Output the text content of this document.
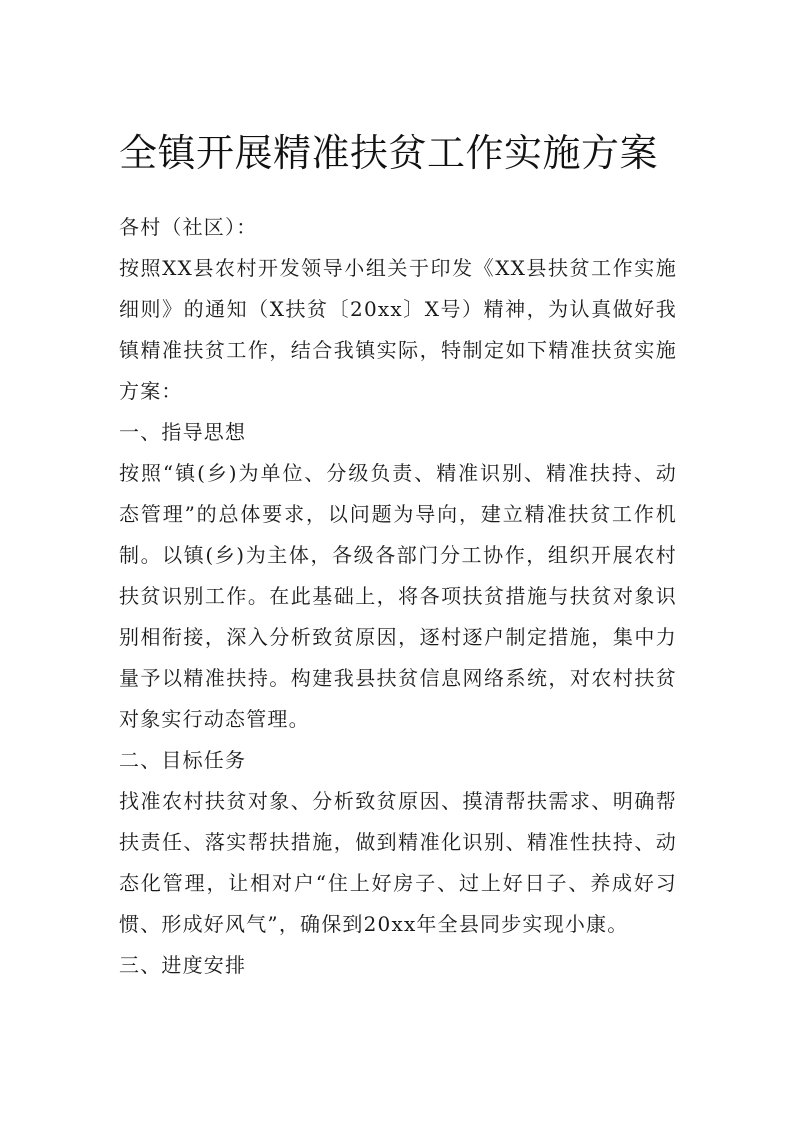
全镇开展精准扶贫工作实施方案

各村（社区）：

按照XX县农村开发领导小组关于印发《XX县扶贫工作实施细则》的通知（X扶贫〔20xx〕X号）精神，为认真做好我镇精准扶贫工作，结合我镇实际，特制定如下精准扶贫实施方案：

一、指导思想

按照“镇(乡)为单位、分级负责、精准识别、精准扶持、动态管理”的总体要求，以问题为导向，建立精准扶贫工作机制。以镇(乡)为主体，各级各部门分工协作，组织开展农村扶贫识别工作。在此基础上，将各项扶贫措施与扶贫对象识别相衔接，深入分析致贫原因，逐村逐户制定措施，集中力量予以精准扶持。构建我县扶贫信息网络系统，对农村扶贫对象实行动态管理。

二、目标任务

找准农村扶贫对象、分析致贫原因、摸清帮扶需求、明确帮扶责任、落实帮扶措施，做到精准化识别、精准性扶持、动态化管理，让相对户“住上好房子、过上好日子、养成好习惯、形成好风气”，确保到20xx年全县同步实现小康。

三、进度安排
